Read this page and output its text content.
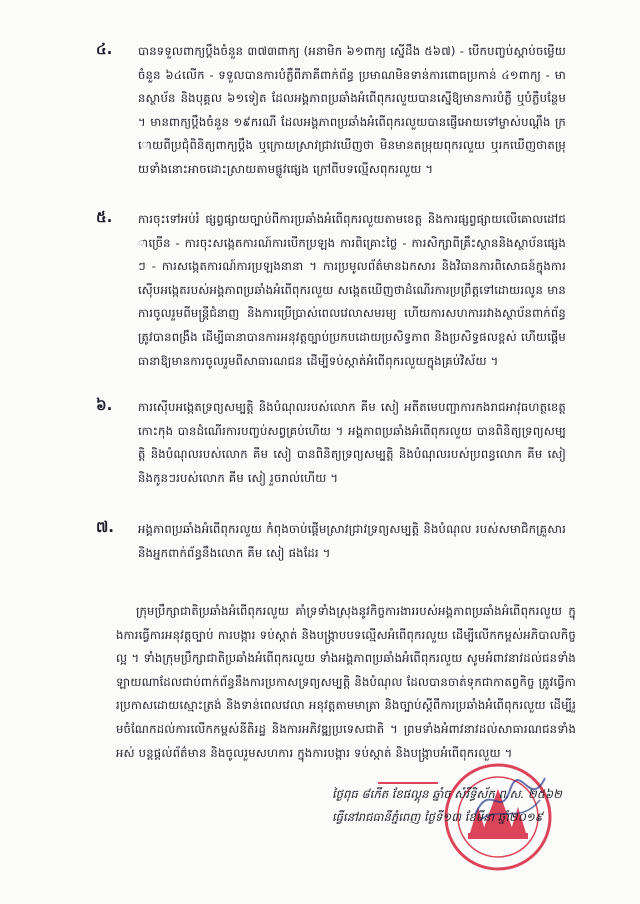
៤. បានទទួលពាក្យប្ដឹងចំនួន ៣៧៣ពាក្យ (អនាមិក ៦១ពាក្យ ស្នើដឹង ៥៦៧) - បើកបញ្ចប់ស្ដាប់ចម្លើយចំនួន ៦៤លើក - ទទួលបានការបំភ្លឺពីភាគីពាក់ព័ន្ធ ប្រមាណមិនទាន់ការពោធប្រកាន់ ៤១ពាក្យ - មានស្ថាប័ន និងបុគ្គល ៦១ទៀត ដែលអង្គភាពប្រឆាំងអំពើពុករលួយបានស្នើឱ្យមានការបំភ្លឺ ឬបំភ្លឺបន្ថែម ។ មានពាក្យប្ដឹងចំនួន ១៩ករណី ដែលអង្គភាពប្រឆាំងអំពើពុករលួយបានផ្ញើអោយទៅម្ចាស់បណ្ដឹង ក្រោយពីប្រជុំពិនិត្យពាក្យប្ដឹង ឬក្រោយស្រាវជ្រាវឃើញថា មិនមានតម្រុយពុករលួយ ឬរកឃើញថាតម្រុយទាំងនោះអាចដោះស្រាយតាមផ្លូវផ្សេង ក្រៅពីបទល្មើសពុករលួយ ។
៥. ការចុះទៅអប់រំ ផ្សព្វផ្សាយច្បាប់ពីការប្រឆាំងអំពើពុករលួយតាមខេត្ត និងការផ្សព្វផ្សាយលើគោលដៅជាច្រើន - ការចុះសង្កេតការណ៍ការបើកប្រឡង ការពិគ្រោះថ្លៃ - ការសិក្សាពីគ្រឹះស្ថាននិងស្ថាប័នផ្សេងៗ - ការសង្កេតការណ៍ការប្រឡងនានា ។ ការប្រមូលព័ត៌មានឯកសារ និងវិធានការពិសោធន៍ក្នុងការស៊ើបអង្កេតរបស់អង្គភាពប្រឆាំងអំពើពុករលួយ សង្កេតឃើញថាដំណើរការប្រព្រឹត្តទៅដោយរលូន មានការចូលរួមពីមន្ត្រីជំនាញ និងការប្រើប្រាស់ពេលវេលាសមរម្យ ហើយការសហការរវាងស្ថាប័នពាក់ព័ន្ធត្រូវបានពង្រឹង ដើម្បីធានាបានការអនុវត្តច្បាប់ប្រកបដោយប្រសិទ្ធភាព និងប្រសិទ្ធផលខ្ពស់ ហើយផ្ដើមធានាឱ្យមានការចូលរួមពីសាធារណជន ដើម្បីទប់ស្កាត់អំពើពុករលួយក្នុងគ្រប់វិស័យ ។
៦. ការស៊ើបអង្កេតទ្រព្យសម្បត្តិ និងបំណុលរបស់លោក គីម សៀ អតីតមេបញ្ជាការកងរាជអាវុធហត្ថខេត្តកោះកុង បានដំណើរការបញ្ចប់សព្វគ្រប់ហើយ ។ អង្គភាពប្រឆាំងអំពើពុករលួយ បានពិនិត្យទ្រព្យសម្បត្តិ និងបំណុលរបស់លោក គីម សៀ បានពិនិត្យទ្រព្យសម្បត្តិ និងបំណុលរបស់ប្រពន្ធលោក គីម សៀ និងកូនៗរបស់លោក គីម សៀ រួចរាល់ហើយ ។
៧. អង្គភាពប្រឆាំងអំពើពុករលួយ កំពុងចាប់ផ្ដើមស្រាវជ្រាវទ្រព្យសម្បត្តិ និងបំណុល របស់សមាជិកគ្រួសារ និងអ្នកពាក់ព័ន្ធនឹងលោក គីម សៀ ផងដែរ ។
ក្រុមប្រឹក្សាជាតិប្រឆាំងអំពើពុករលួយ គាំទ្រទាំងស្រុងនូវកិច្ចការងាររបស់អង្គភាពប្រឆាំងអំពើពុករលួយ ក្នុងការធ្វើការអនុវត្តច្បាប់ ការបង្ការ ទប់ស្កាត់ និងបង្ក្រាបបទល្មើសអំពើពុករលួយ ដើម្បីលើកកម្ពស់អភិបាលកិច្ចល្អ ។ ទាំងក្រុមប្រឹក្សាជាតិប្រឆាំងអំពើពុករលួយ ទាំងអង្គភាពប្រឆាំងអំពើពុករលួយ សូមអំពាវនាវដល់ជនទាំងឡាយណាដែលជាប់ពាក់ព័ន្ធនឹងការប្រកាសទ្រព្យសម្បត្តិ និងបំណុល ដែលបានចាត់ទុកជាកាតព្វកិច្ច ត្រូវធ្វើការប្រកាសដោយស្មោះត្រង់ និងទាន់ពេលវេលា អនុវត្តតាមមាត្រា និងច្បាប់ស្ដីពីការប្រឆាំងអំពើពុករលួយ ដើម្បីរួមចំណែកដល់ការលើកកម្ពស់នីតិរដ្ឋ និងការអភិវឌ្ឍប្រទេសជាតិ ។ ព្រមទាំងអំពាវនាវដល់សាធារណជនទាំងអស់ បន្តផ្ដល់ព័ត៌មាន និងចូលរួមសហការ ក្នុងការបង្ការ ទប់ស្កាត់ និងបង្ក្រាបអំពើពុករលួយ ។
ថ្ងៃពុធ ៨កើត ខែផល្គុន ឆ្នាំច សំរឹទ្ធិស័ក ព.ស. ២៥៦២
ធ្វើនៅរាជធានីភ្នំពេញ ថ្ងៃទី១៣ ខែមីនា ឆ្នាំ២០១៩
